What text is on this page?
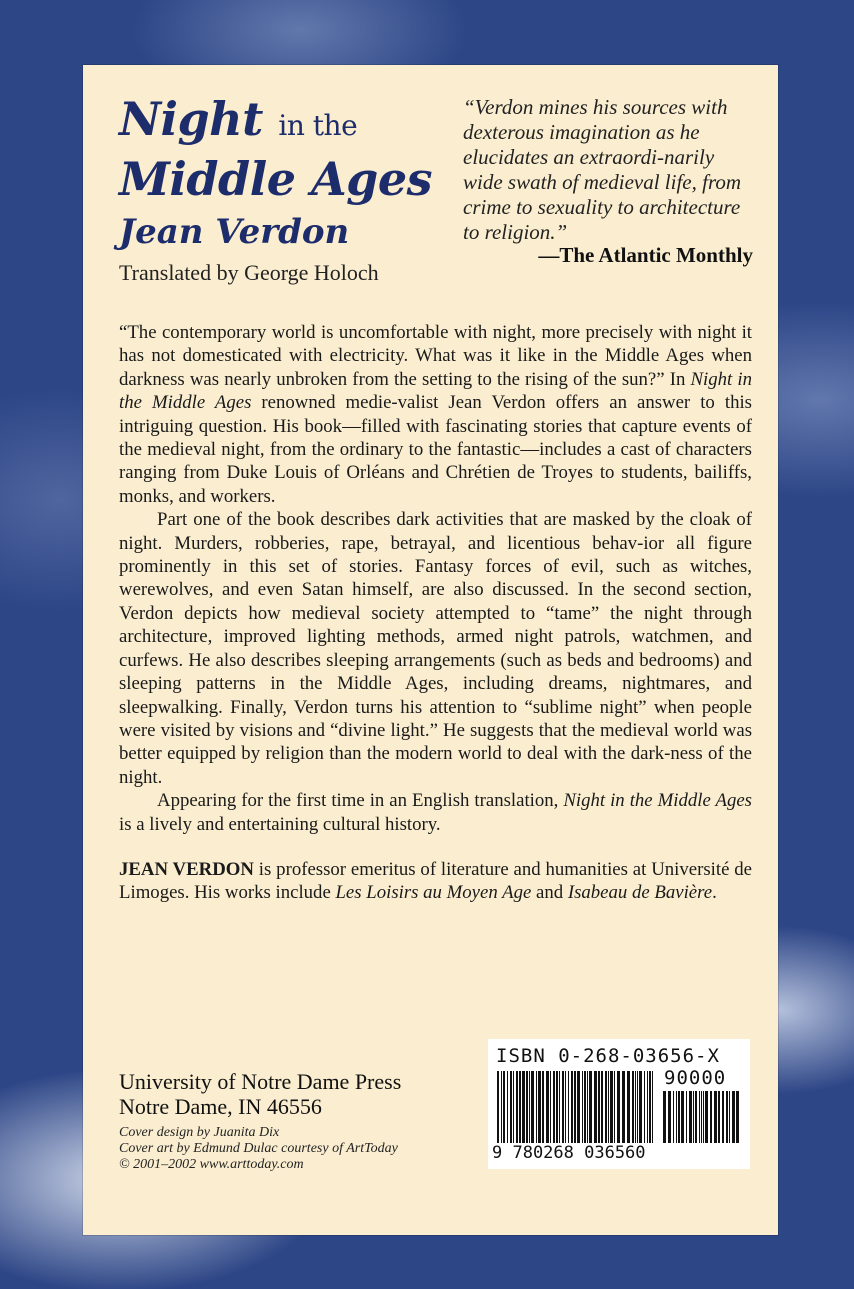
Night in the
Middle Ages
Jean Verdon
Translated by George Holoch
“Verdon mines his sources with dexterous imagination as he elucidates an extraordi-narily wide swath of medieval life, from crime to sexuality to architecture to religion.”
—The Atlantic Monthly

“The contemporary world is uncomfortable with night, more precisely with night it has not domesticated with electricity. What was it like in the Middle Ages when darkness was nearly unbroken from the setting to the rising of the sun?” In Night in the Middle Ages renowned medie-valist Jean Verdon offers an answer to this intriguing question. His book—filled with fascinating stories that capture events of the medieval night, from the ordinary to the fantastic—includes a cast of characters ranging from Duke Louis of Orléans and Chrétien de Troyes to students, bailiffs, monks, and workers.

Part one of the book describes dark activities that are masked by the cloak of night. Murders, robberies, rape, betrayal, and licentious behav-ior all figure prominently in this set of stories. Fantasy forces of evil, such as witches, werewolves, and even Satan himself, are also discussed. In the second section, Verdon depicts how medieval society attempted to “tame” the night through architecture, improved lighting methods, armed night patrols, watchmen, and curfews. He also describes sleeping arrangements (such as beds and bedrooms) and sleeping patterns in the Middle Ages, including dreams, nightmares, and sleepwalking. Finally, Verdon turns his attention to “sublime night” when people were visited by visions and “divine light.” He suggests that the medieval world was better equipped by religion than the modern world to deal with the dark-ness of the night.

Appearing for the first time in an English translation, Night in the Middle Ages is a lively and entertaining cultural history.

JEAN VERDON is professor emeritus of literature and humanities at Université de Limoges. His works include Les Loisirs au Moyen Age and Isabeau de Bavière.

University of Notre Dame Press
Notre Dame, IN 46556
Cover design by Juanita Dix
Cover art by Edmund Dulac courtesy of ArtToday
© 2001–2002 www.arttoday.com
ISBN 0-268-03656-X
90000
9 780268 036560
